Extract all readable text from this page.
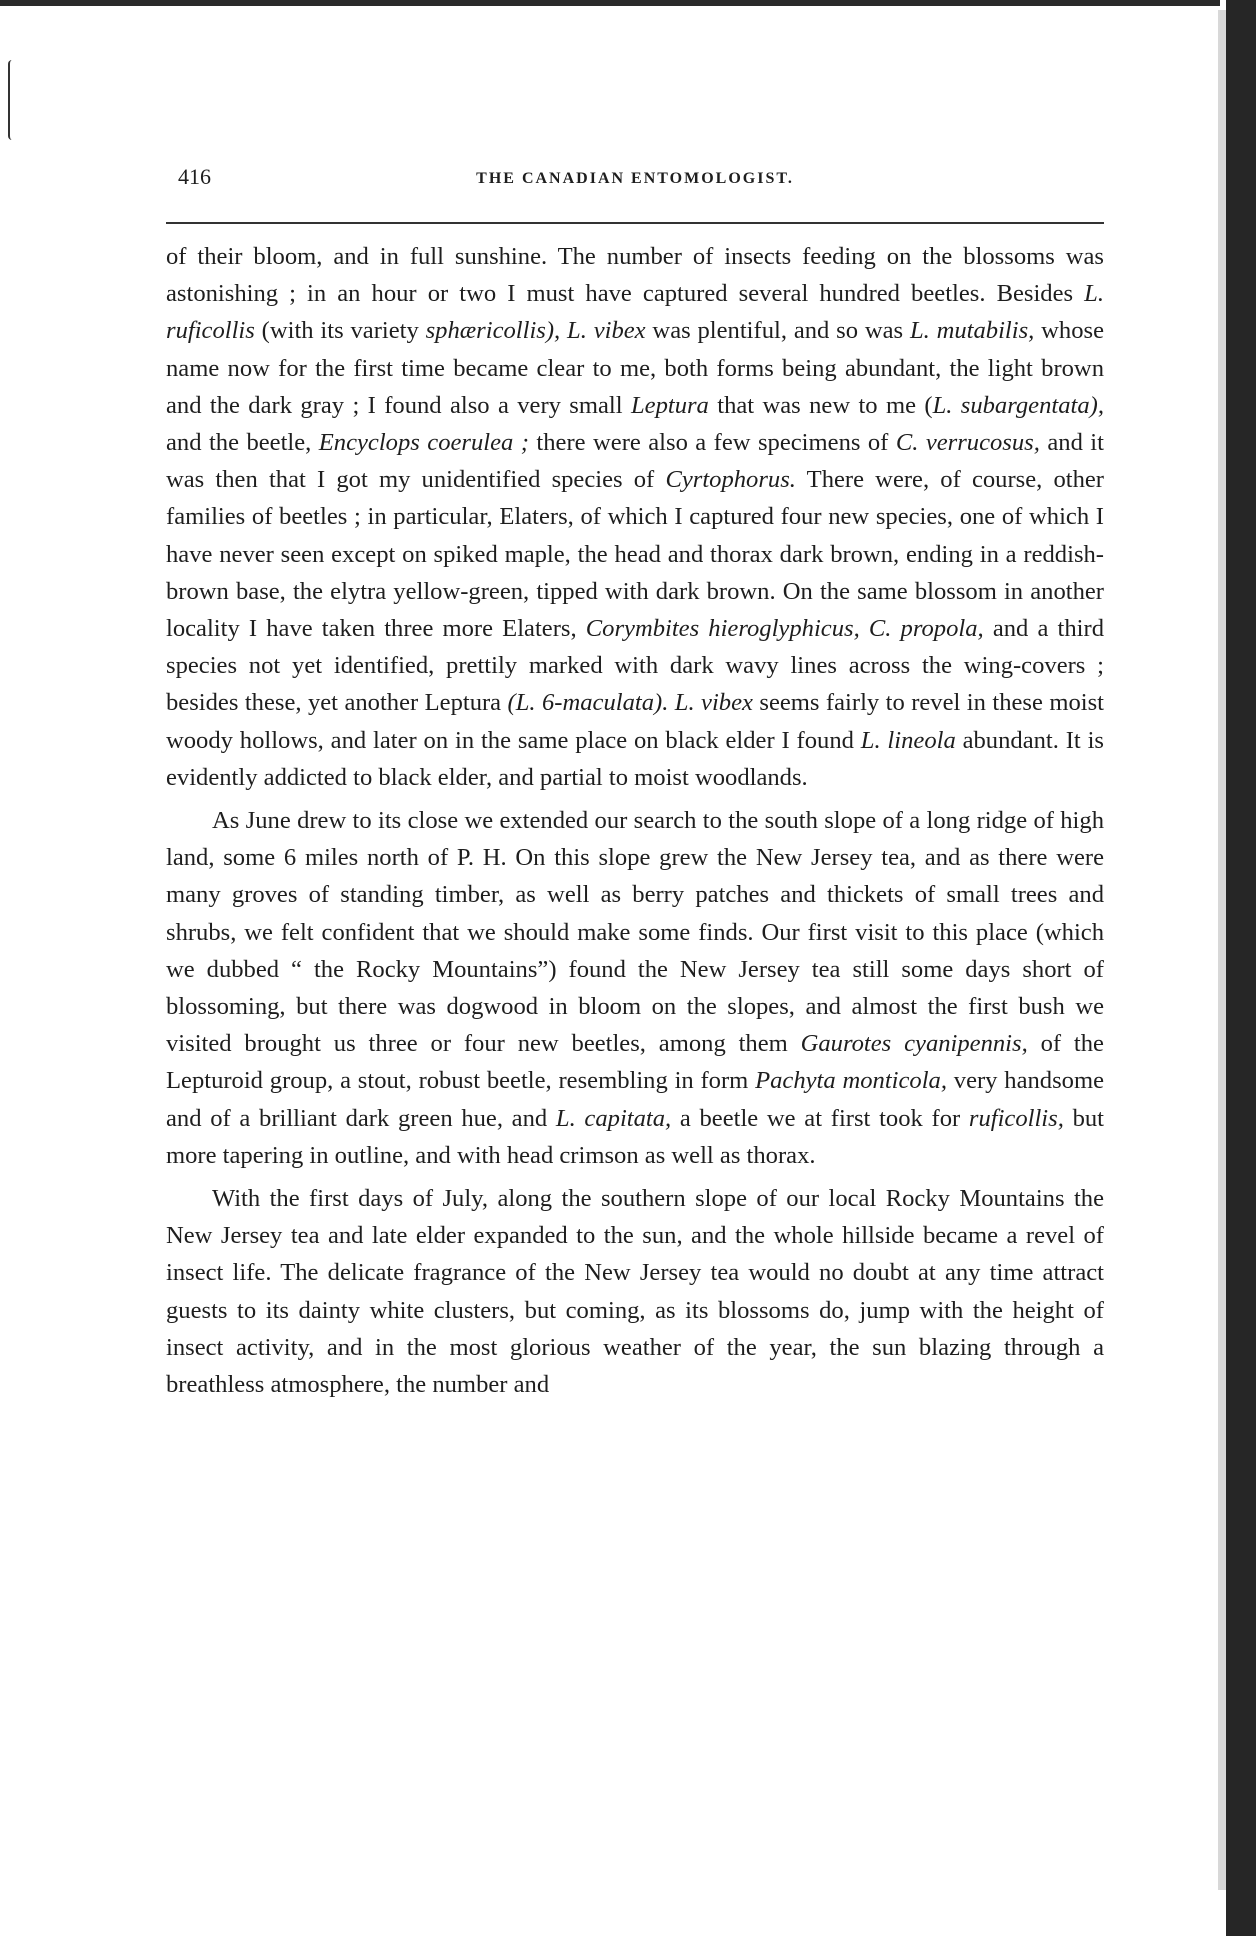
416	THE CANADIAN ENTOMOLOGIST.

of their bloom, and in full sunshine. The number of insects feeding on the blossoms was astonishing ; in an hour or two I must have captured several hundred beetles. Besides L. ruficollis (with its variety sphæricollis), L. vibex was plentiful, and so was L. mutabilis, whose name now for the first time became clear to me, both forms being abundant, the light brown and the dark gray ; I found also a very small Leptura that was new to me (L. subargentata), and the beetle, Encyclops coerulea ; there were also a few specimens of C. verrucosus, and it was then that I got my unidentified species of Cyrtophorus. There were, of course, other families of beetles ; in particular, Elaters, of which I captured four new species, one of which I have never seen except on spiked maple, the head and thorax dark brown, ending in a reddish-brown base, the elytra yellow-green, tipped with dark brown. On the same blossom in another locality I have taken three more Elaters, Corymbites hieroglyphicus, C. propola, and a third species not yet identified, prettily marked with dark wavy lines across the wing-covers ; besides these, yet another Leptura (L. 6-maculata). L. vibex seems fairly to revel in these moist woody hollows, and later on in the same place on black elder I found L. lineola abundant. It is evidently addicted to black elder, and partial to moist woodlands.

As June drew to its close we extended our search to the south slope of a long ridge of high land, some 6 miles north of P. H. On this slope grew the New Jersey tea, and as there were many groves of standing timber, as well as berry patches and thickets of small trees and shrubs, we felt confident that we should make some finds. Our first visit to this place (which we dubbed “ the Rocky Mountains”) found the New Jersey tea still some days short of blossoming, but there was dogwood in bloom on the slopes, and almost the first bush we visited brought us three or four new beetles, among them Gaurotes cyanipennis, of the Lepturoid group, a stout, robust beetle, resembling in form Pachyta monticola, very handsome and of a brilliant dark green hue, and L. capitata, a beetle we at first took for ruficollis, but more tapering in outline, and with head crimson as well as thorax.

With the first days of July, along the southern slope of our local Rocky Mountains the New Jersey tea and late elder expanded to the sun, and the whole hillside became a revel of insect life. The delicate fragrance of the New Jersey tea would no doubt at any time attract guests to its dainty white clusters, but coming, as its blossoms do, jump with the height of insect activity, and in the most glorious weather of the year, the sun blazing through a breathless atmosphere, the number and
